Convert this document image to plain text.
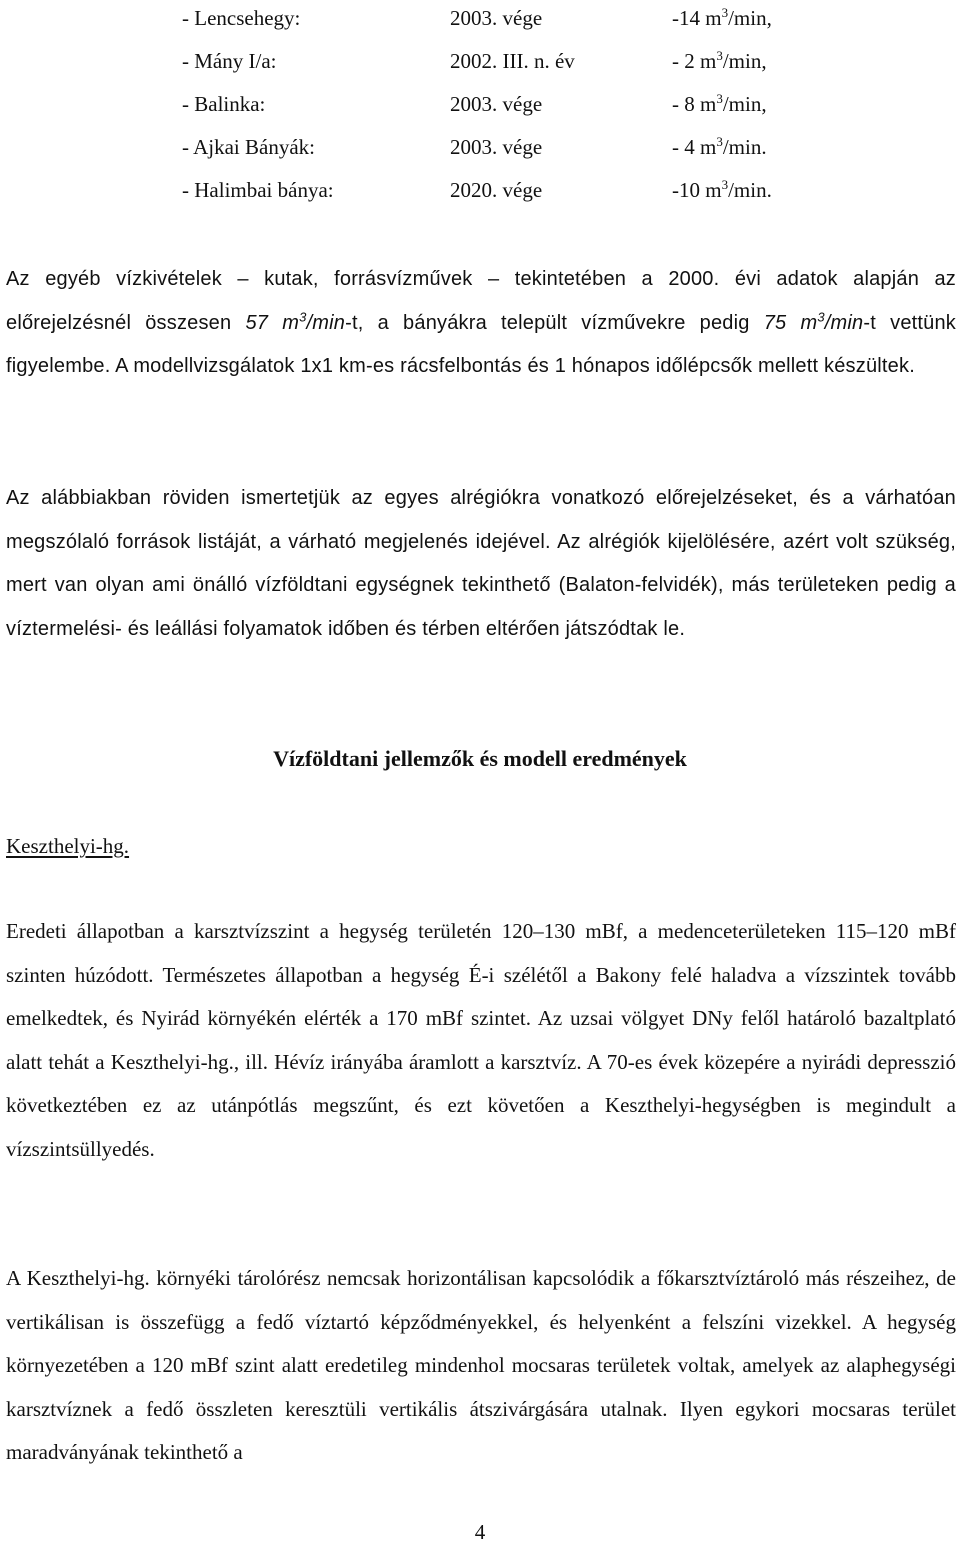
- Lencsehegy:	2003. vége	-14 $m^3/\min$,
- Mány I/a:	2002. III. n. év	- 2 $m^3/\min$,
- Balinka:	2003. vége	- 8 $m^3/\min$,
- Ajkai Bányák:	2003. vége	- 4 $m^3/\min$.
- Halimbai bánya:	2020. vége	-10 $m^3/\min$.
Az egyéb vízkivételek – kutak, forrásvízművek – tekintetében a 2000. évi adatok alapján az előrejelzésnél összesen 57 $m^3/\min-t$, a bányákra települt vízművekre pedig 75 $m^3/\min-t$ vettünk figyelembe. A modellvizsgálatok 1x1 km-es rácsfelbontás és 1 hónapos időlépcsők mellett készültek.
Az alábbiakban röviden ismertetjük az egyes alrégiókra vonatkozó előrejelzéseket, és a várhatóan megszólaló források listáját, a várható megjelenés idejével. Az alrégiók kijelölésére, azért volt szükség, mert van olyan ami önálló vízföldtani egységnek tekinthető (Balaton-felvidék), más területeken pedig a víztermelési- és leállási folyamatok időben és térben eltérően játszódtak le.
Vízföldtani jellemzők és modell eredmények
Keszthelyi-hg.
Eredeti állapotban a karsztvízszint a hegység területén 120–130 mBf, a medenceterületeken 115–120 mBf szinten húzódott. Természetes állapotban a hegység É-i szélétől a Bakony felé haladva a vízszintek tovább emelkedtek, és Nyirád környékén elérték a 170 mBf szintet. Az uzsai völgyet DNy felől határoló bazaltplató alatt tehát a Keszthelyi-hg., ill. Hévíz irányába áramlott a karsztvíz. A 70-es évek közepére a nyirádi depresszió következtében ez az utánpótlás megszűnt, és ezt követően a Keszthelyi-hegységben is megindult a vízszintsüllyedés.
A Keszthelyi-hg. környéki tárolórész nemcsak horizontálisan kapcsolódik a főkarsztvíztároló más részeihez, de vertikálisan is összefügg a fedő víztartó képződményekkel, és helyenként a felszíni vizekkel. A hegység környezetében a 120 mBf szint alatt eredetileg mindenhol mocsaras területek voltak, amelyek az alaphegységi karsztvíznek a fedő összleten keresztüli vertikális átszivárgására utalnak. Ilyen egykori mocsaras terület maradványának tekinthető a
4
